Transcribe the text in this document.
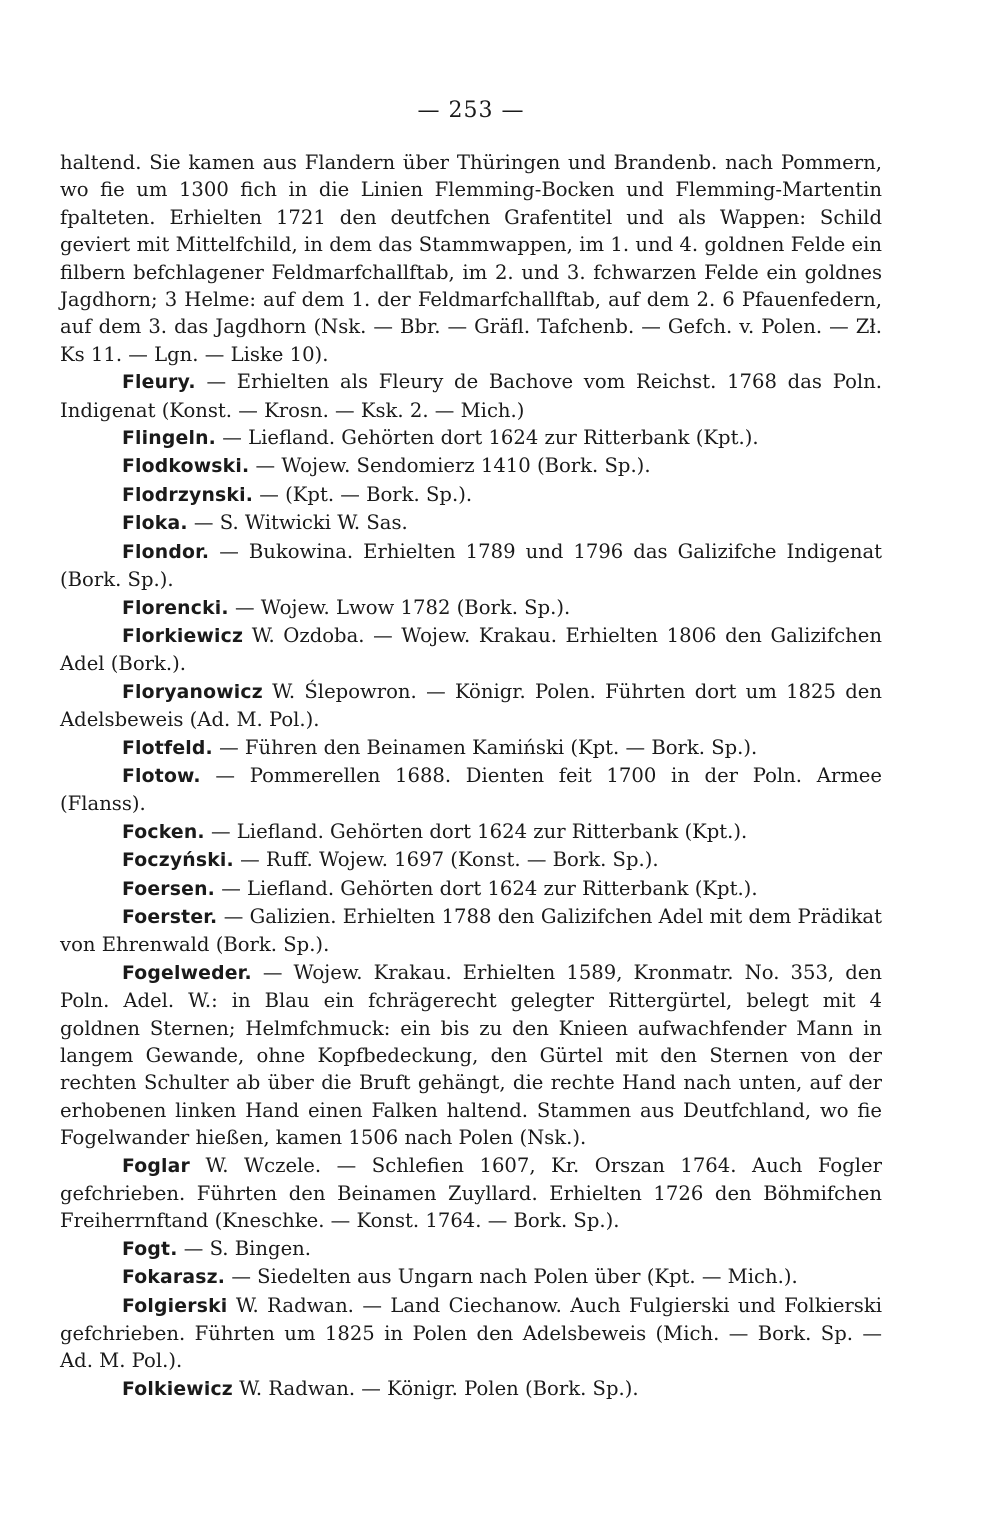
— 253 —

haltend. Sie kamen aus Flandern über Thüringen und Brandenb. nach Pommern, wo fie um 1300 fich in die Linien Flemming-Bocken und Flemming-Martentin fpalteten. Erhielten 1721 den deutfchen Grafentitel und als Wappen: Schild geviert mit Mittelfchild, in dem das Stammwappen, im 1. und 4. goldnen Felde ein filbern befchlagener Feldmarfchallftab, im 2. und 3. fchwarzen Felde ein goldnes Jagdhorn; 3 Helme: auf dem 1. der Feldmarfchallftab, auf dem 2. 6 Pfauenfedern, auf dem 3. das Jagdhorn (Nsk. — Bbr. — Gräfl. Tafchenb. — Gefch. v. Polen. — Zł. Ks 11. — Lgn. — Liske 10).

Fleury. — Erhielten als Fleury de Bachove vom Reichst. 1768 das Poln. Indigenat (Konst. — Krosn. — Ksk. 2. — Mich.)

Flingeln. — Liefland. Gehörten dort 1624 zur Ritterbank (Kpt.).

Flodkowski. — Wojew. Sendomierz 1410 (Bork. Sp.).

Flodrzynski. — (Kpt. — Bork. Sp.).

Floka. — S. Witwicki W. Sas.

Flondor. — Bukowina. Erhielten 1789 und 1796 das Galizifche Indigenat (Bork. Sp.).

Florencki. — Wojew. Lwow 1782 (Bork. Sp.).

Florkiewicz W. Ozdoba. — Wojew. Krakau. Erhielten 1806 den Galizifchen Adel (Bork.).

Floryanowicz W. Ślepowron. — Königr. Polen. Führten dort um 1825 den Adelsbeweis (Ad. M. Pol.).

Flotfeld. — Führen den Beinamen Kamiński (Kpt. — Bork. Sp.).

Flotow. — Pommerellen 1688. Dienten feit 1700 in der Poln. Armee (Flanss).

Focken. — Liefland. Gehörten dort 1624 zur Ritterbank (Kpt.).

Foczyński. — Ruff. Wojew. 1697 (Konst. — Bork. Sp.).

Foersen. — Liefland. Gehörten dort 1624 zur Ritterbank (Kpt.).

Foerster. — Galizien. Erhielten 1788 den Galizifchen Adel mit dem Prädikat von Ehrenwald (Bork. Sp.).

Fogelweder. — Wojew. Krakau. Erhielten 1589, Kronmatr. No. 353, den Poln. Adel. W.: in Blau ein fchrägerecht gelegter Rittergürtel, belegt mit 4 goldnen Sternen; Helmfchmuck: ein bis zu den Knieen aufwachfender Mann in langem Gewande, ohne Kopfbedeckung, den Gürtel mit den Sternen von der rechten Schulter ab über die Bruft gehängt, die rechte Hand nach unten, auf der erhobenen linken Hand einen Falken haltend. Stammen aus Deutfchland, wo fie Fogelwander hießen, kamen 1506 nach Polen (Nsk.).

Foglar W. Wczele. — Schlefien 1607, Kr. Orszan 1764. Auch Fogler gefchrieben. Führten den Beinamen Zuyllard. Erhielten 1726 den Böhmifchen Freiherrnftand (Kneschke. — Konst. 1764. — Bork. Sp.).

Fogt. — S. Bingen.

Fokarasz. — Siedelten aus Ungarn nach Polen über (Kpt. — Mich.).

Folgierski W. Radwan. — Land Ciechanow. Auch Fulgierski und Folkierski gefchrieben. Führten um 1825 in Polen den Adelsbeweis (Mich. — Bork. Sp. — Ad. M. Pol.).

Folkiewicz W. Radwan. — Königr. Polen (Bork. Sp.).
